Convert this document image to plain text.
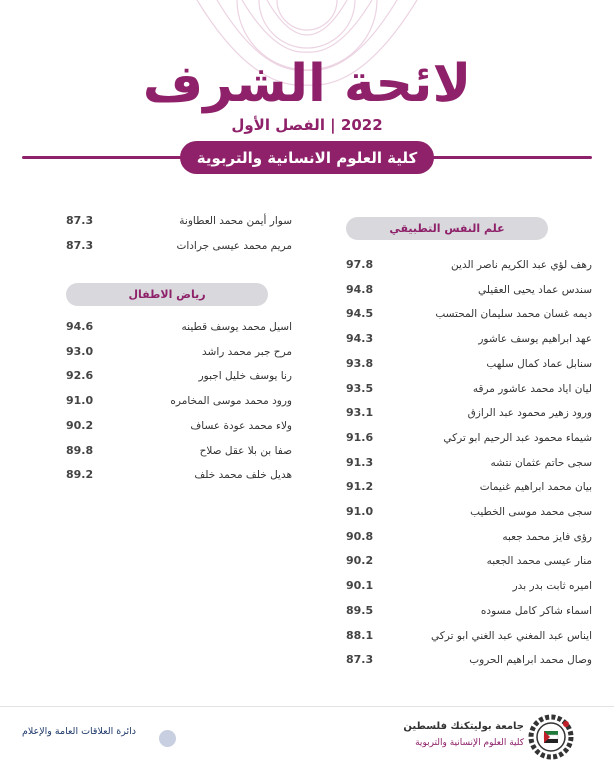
لائحة الشرف
2022 | الفصل الأول
كلية العلوم الانسانية والتربوية
علم النفس التطبيقي
رهف لؤي عبد الكريم ناصر الدين
97.8
سندس عماد يحيى العقيلي
94.8
ديمه غسان محمد سليمان المحتسب
94.5
عهد ابراهيم يوسف عاشور
94.3
سنابل عماد كمال سلهب
93.8
ليان اياد محمد عاشور مرقه
93.5
ورود زهير محمود عبد الرازق
93.1
شيماء محمود عبد الرحيم ابو تركي
91.6
سجى حاتم عثمان نتشه
91.3
بيان محمد ابراهيم غنيمات
91.2
سجى محمد موسى الخطيب
91.0
رؤى فايز محمد جعبه
90.8
منار عيسى محمد الجعبه
90.2
اميره ثابت بدر بدر
90.1
اسماء شاكر كامل مسوده
89.5
ايناس عبد المغني عبد الغني ابو تركي
88.1
وصال محمد ابراهيم الحروب
87.3
سوار أيمن محمد العطاونة
87.3
مريم محمد عيسى جرادات
87.3
رياض الاطفال
اسيل محمد يوسف قطينه
94.6
مرح جبر محمد راشد
93.0
رنا يوسف خليل اجبور
92.6
ورود محمد موسى المخامره
91.0
ولاء محمد عودة عساف
90.2
صفا بن بلا عقل صلاح
89.8
هديل خلف محمد خلف
89.2
دائرة العلاقات العامة والإعلام	جامعة بوليتكنك فلسطين
كلية العلوم الإنسانية والتربوية
